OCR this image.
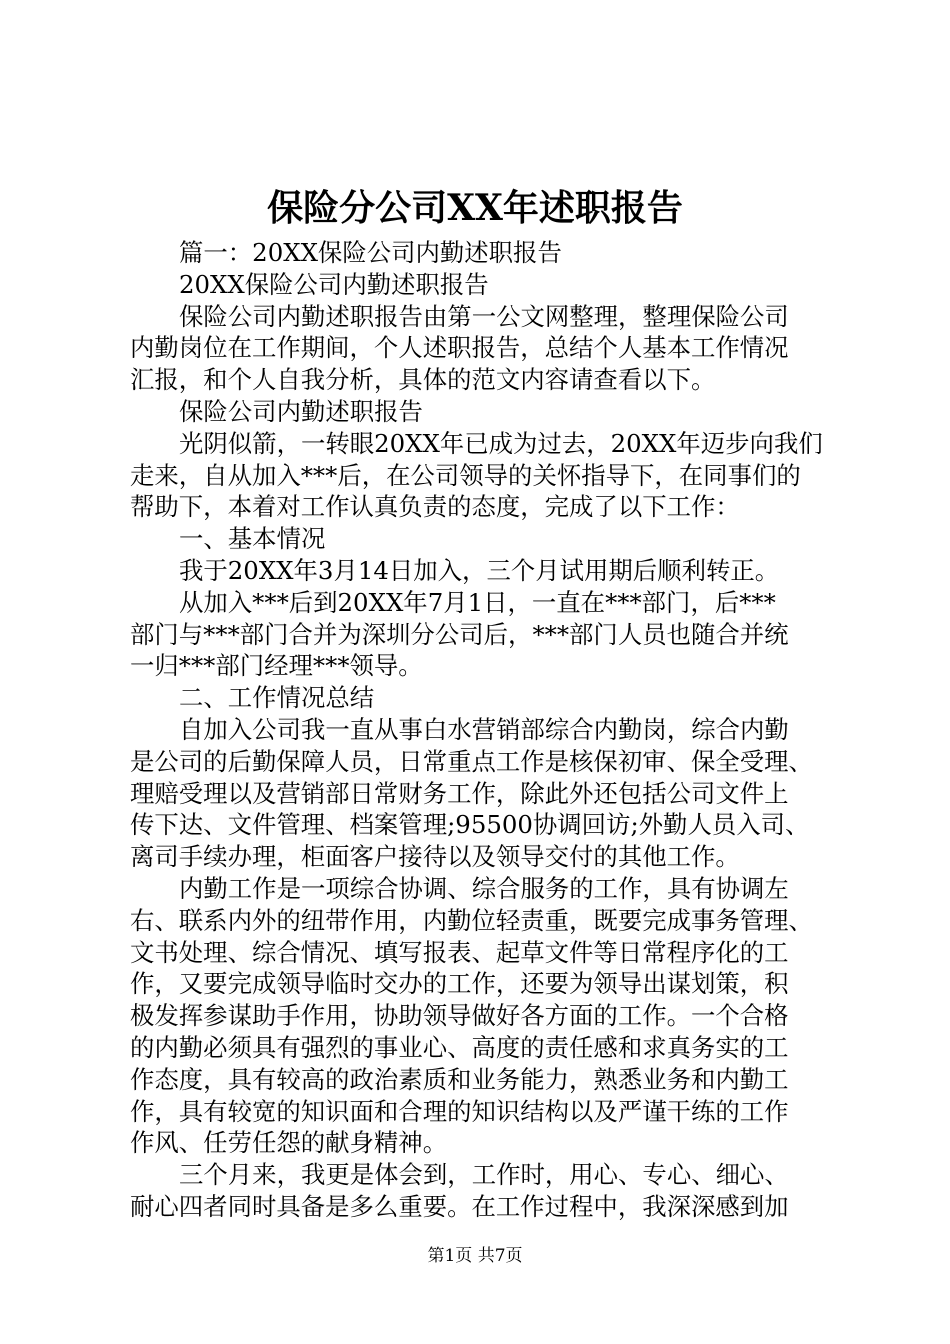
保险分公司XX年述职报告
篇一：20XX保险公司内勤述职报告
20XX保险公司内勤述职报告
保险公司内勤述职报告由第一公文网整理，整理保险公司
内勤岗位在工作期间，个人述职报告，总结个人基本工作情况
汇报，和个人自我分析，具体的范文内容请查看以下。
保险公司内勤述职报告
光阴似箭，一转眼20XX年已成为过去，20XX年迈步向我们
走来，自从加入***后，在公司领导的关怀指导下，在同事们的
帮助下，本着对工作认真负责的态度，完成了以下工作：
一、基本情况
我于20XX年3月14日加入，三个月试用期后顺利转正。
从加入***后到20XX年7月1日，一直在***部门，后***
部门与***部门合并为深圳分公司后，***部门人员也随合并统
一归***部门经理***领导。
二、工作情况总结
自加入公司我一直从事白水营销部综合内勤岗，综合内勤
是公司的后勤保障人员，日常重点工作是核保初审、保全受理、
理赔受理以及营销部日常财务工作，除此外还包括公司文件上
传下达、文件管理、档案管理;95500协调回访;外勤人员入司、
离司手续办理，柜面客户接待以及领导交付的其他工作。
内勤工作是一项综合协调、综合服务的工作，具有协调左
右、联系内外的纽带作用，内勤位轻责重，既要完成事务管理、
文书处理、综合情况、填写报表、起草文件等日常程序化的工
作，又要完成领导临时交办的工作，还要为领导出谋划策，积
极发挥参谋助手作用，协助领导做好各方面的工作。一个合格
的内勤必须具有强烈的事业心、高度的责任感和求真务实的工
作态度，具有较高的政治素质和业务能力，熟悉业务和内勤工
作，具有较宽的知识面和合理的知识结构以及严谨干练的工作
作风、任劳任怨的献身精神。
三个月来，我更是体会到，工作时，用心、专心、细心、
耐心四者同时具备是多么重要。在工作过程中，我深深感到加
第1页 共7页
